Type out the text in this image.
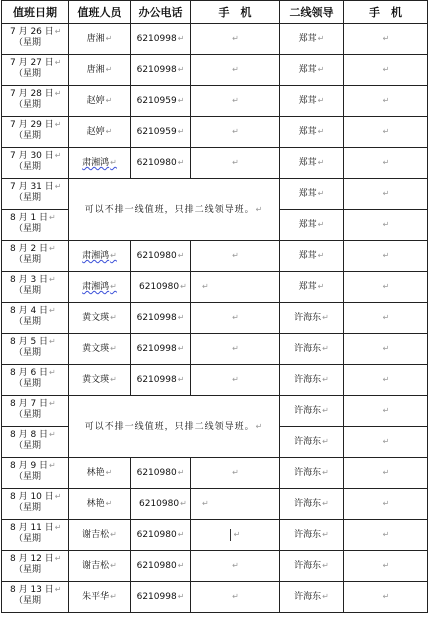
值班日期	值班人员	办公电话	手　机	二线领导	手　机

7 月 26 日↵
（星期	唐湘↵	6210998↵	↵	郑茸↵	↵

7 月 27 日↵
（星期	唐湘↵	6210998↵	↵	郑茸↵	↵

7 月 28 日↵
（星期	赵婷↵	6210959↵	↵	郑茸↵	↵

7 月 29 日↵
（星期	赵婷↵	6210959↵	↵	郑茸↵	↵

7 月 30 日↵
（星期	肃湘鸿↵	6210980↵	↵	郑茸↵	↵

7 月 31 日↵
（星期	可以不排一线值班，只排二线领导班。↵			郑茸↵	↵

8 月 1 日↵
（星期				郑茸↵	↵

8 月 2 日↵
（星期	肃湘鸿↵	6210980↵	↵	郑茸↵	↵

8 月 3 日↵
（星期	肃湘鸿↵	6210980↵	↵	郑茸↵	↵

8 月 4 日↵
（星期	黄文瑛↵	6210998↵	↵	许海东↵	↵

8 月 5 日↵
（星期	黄文瑛↵	6210998↵	↵	许海东↵	↵

8 月 6 日↵
（星期	黄文瑛↵	6210998↵	↵	许海东↵	↵

8 月 7 日↵
（星期	可以不排一线值班，只排二线领导班。↵			许海东↵	↵

8 月 8 日↵
（星期				许海东↵	↵

8 月 9 日↵
（星期	林艳↵	6210980↵	↵	许海东↵	↵

8 月 10 日↵
（星期	林艳↵	6210980↵	↵	许海东↵	↵

8 月 11 日↵
（星期	谢吉松↵	6210980↵	↵	许海东↵	↵

8 月 12 日↵
（星期	谢吉松↵	6210980↵	↵	许海东↵	↵

8 月 13 日↵
（星期	朱平华↵	6210998↵	↵	许海东↵	↵
